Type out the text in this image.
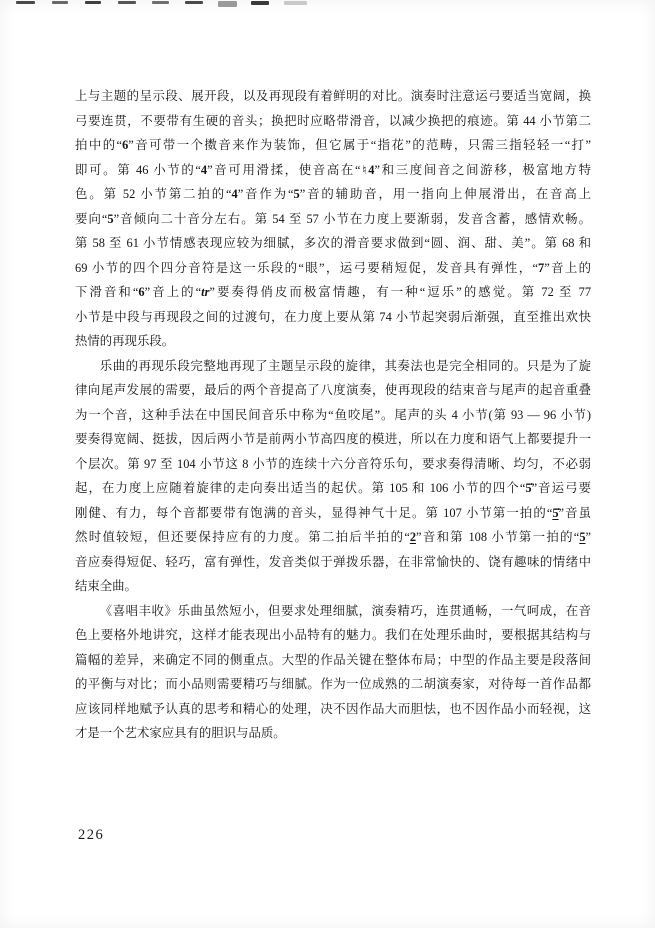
上与主题的呈示段、展开段，以及再现段有着鲜明的对比。演奏时注意运弓要适当宽阔，换
弓要连贯，不要带有生硬的音头；换把时应略带滑音，以减少换把的痕迹。第 44 小节第二
拍中的“6”音可带一个擞音来作为装饰，但它属于“指花”的范畴，只需三指轻轻一“打”
即可。第 46 小节的“4”音可用滑揉，使音高在“♮4”和三度间音之间游移，极富地方特
色。第 52 小节第二拍的“4”音作为“5”音的辅助音，用一指向上伸展滑出，在音高上
要向“5”音倾向二十音分左右。第 54 至 57 小节在力度上要渐弱，发音含蓄，感情欢畅。
第 58 至 61 小节情感表现应较为细腻，多次的滑音要求做到“圆、润、甜、美”。第 68 和
69 小节的四个四分音符是这一乐段的“眼”，运弓要稍短促，发音具有弹性，“7”音上的
下滑音和“6”音上的“tr”要奏得俏皮而极富情趣，有一种“逗乐”的感觉。第 72 至 77
小节是中段与再现段之间的过渡句，在力度上要从第 74 小节起突弱后渐强，直至推出欢快
热情的再现乐段。
乐曲的再现乐段完整地再现了主题呈示段的旋律，其奏法也是完全相同的。只是为了旋
律向尾声发展的需要，最后的两个音提高了八度演奏，使再现段的结束音与尾声的起音重叠
为一个音，这种手法在中国民间音乐中称为“鱼咬尾”。尾声的头 4 小节(第 93 — 96 小节)
要奏得宽阔、挺拔，因后两小节是前两小节高四度的模进，所以在力度和语气上都要提升一
个层次。第 97 至 104 小节这 8 小节的连续十六分音符乐句，要求奏得清晰、均匀，不必弱
起，在力度上应随着旋律的走向奏出适当的起伏。第 105 和 106 小节的四个“5̇”音运弓要
刚健、有力，每个音都要带有饱满的音头，显得神气十足。第 107 小节第一拍的“5̇”音虽
然时值较短，但还要保持应有的力度。第二拍后半拍的“2”音和第 108 小节第一拍的“5”
音应奏得短促、轻巧，富有弹性，发音类似于弹拨乐器，在非常愉快的、饶有趣味的情绪中
结束全曲。
《喜唱丰收》乐曲虽然短小，但要求处理细腻，演奏精巧，连贯通畅，一气呵成，在音
色上要格外地讲究，这样才能表现出小品特有的魅力。我们在处理乐曲时，要根据其结构与
篇幅的差异，来确定不同的侧重点。大型的作品关键在整体布局；中型的作品主要是段落间
的平衡与对比；而小品则需要精巧与细腻。作为一位成熟的二胡演奏家，对待每一首作品都
应该同样地赋予认真的思考和精心的处理，决不因作品大而胆怯，也不因作品小而轻视，这
才是一个艺术家应具有的胆识与品质。
226
